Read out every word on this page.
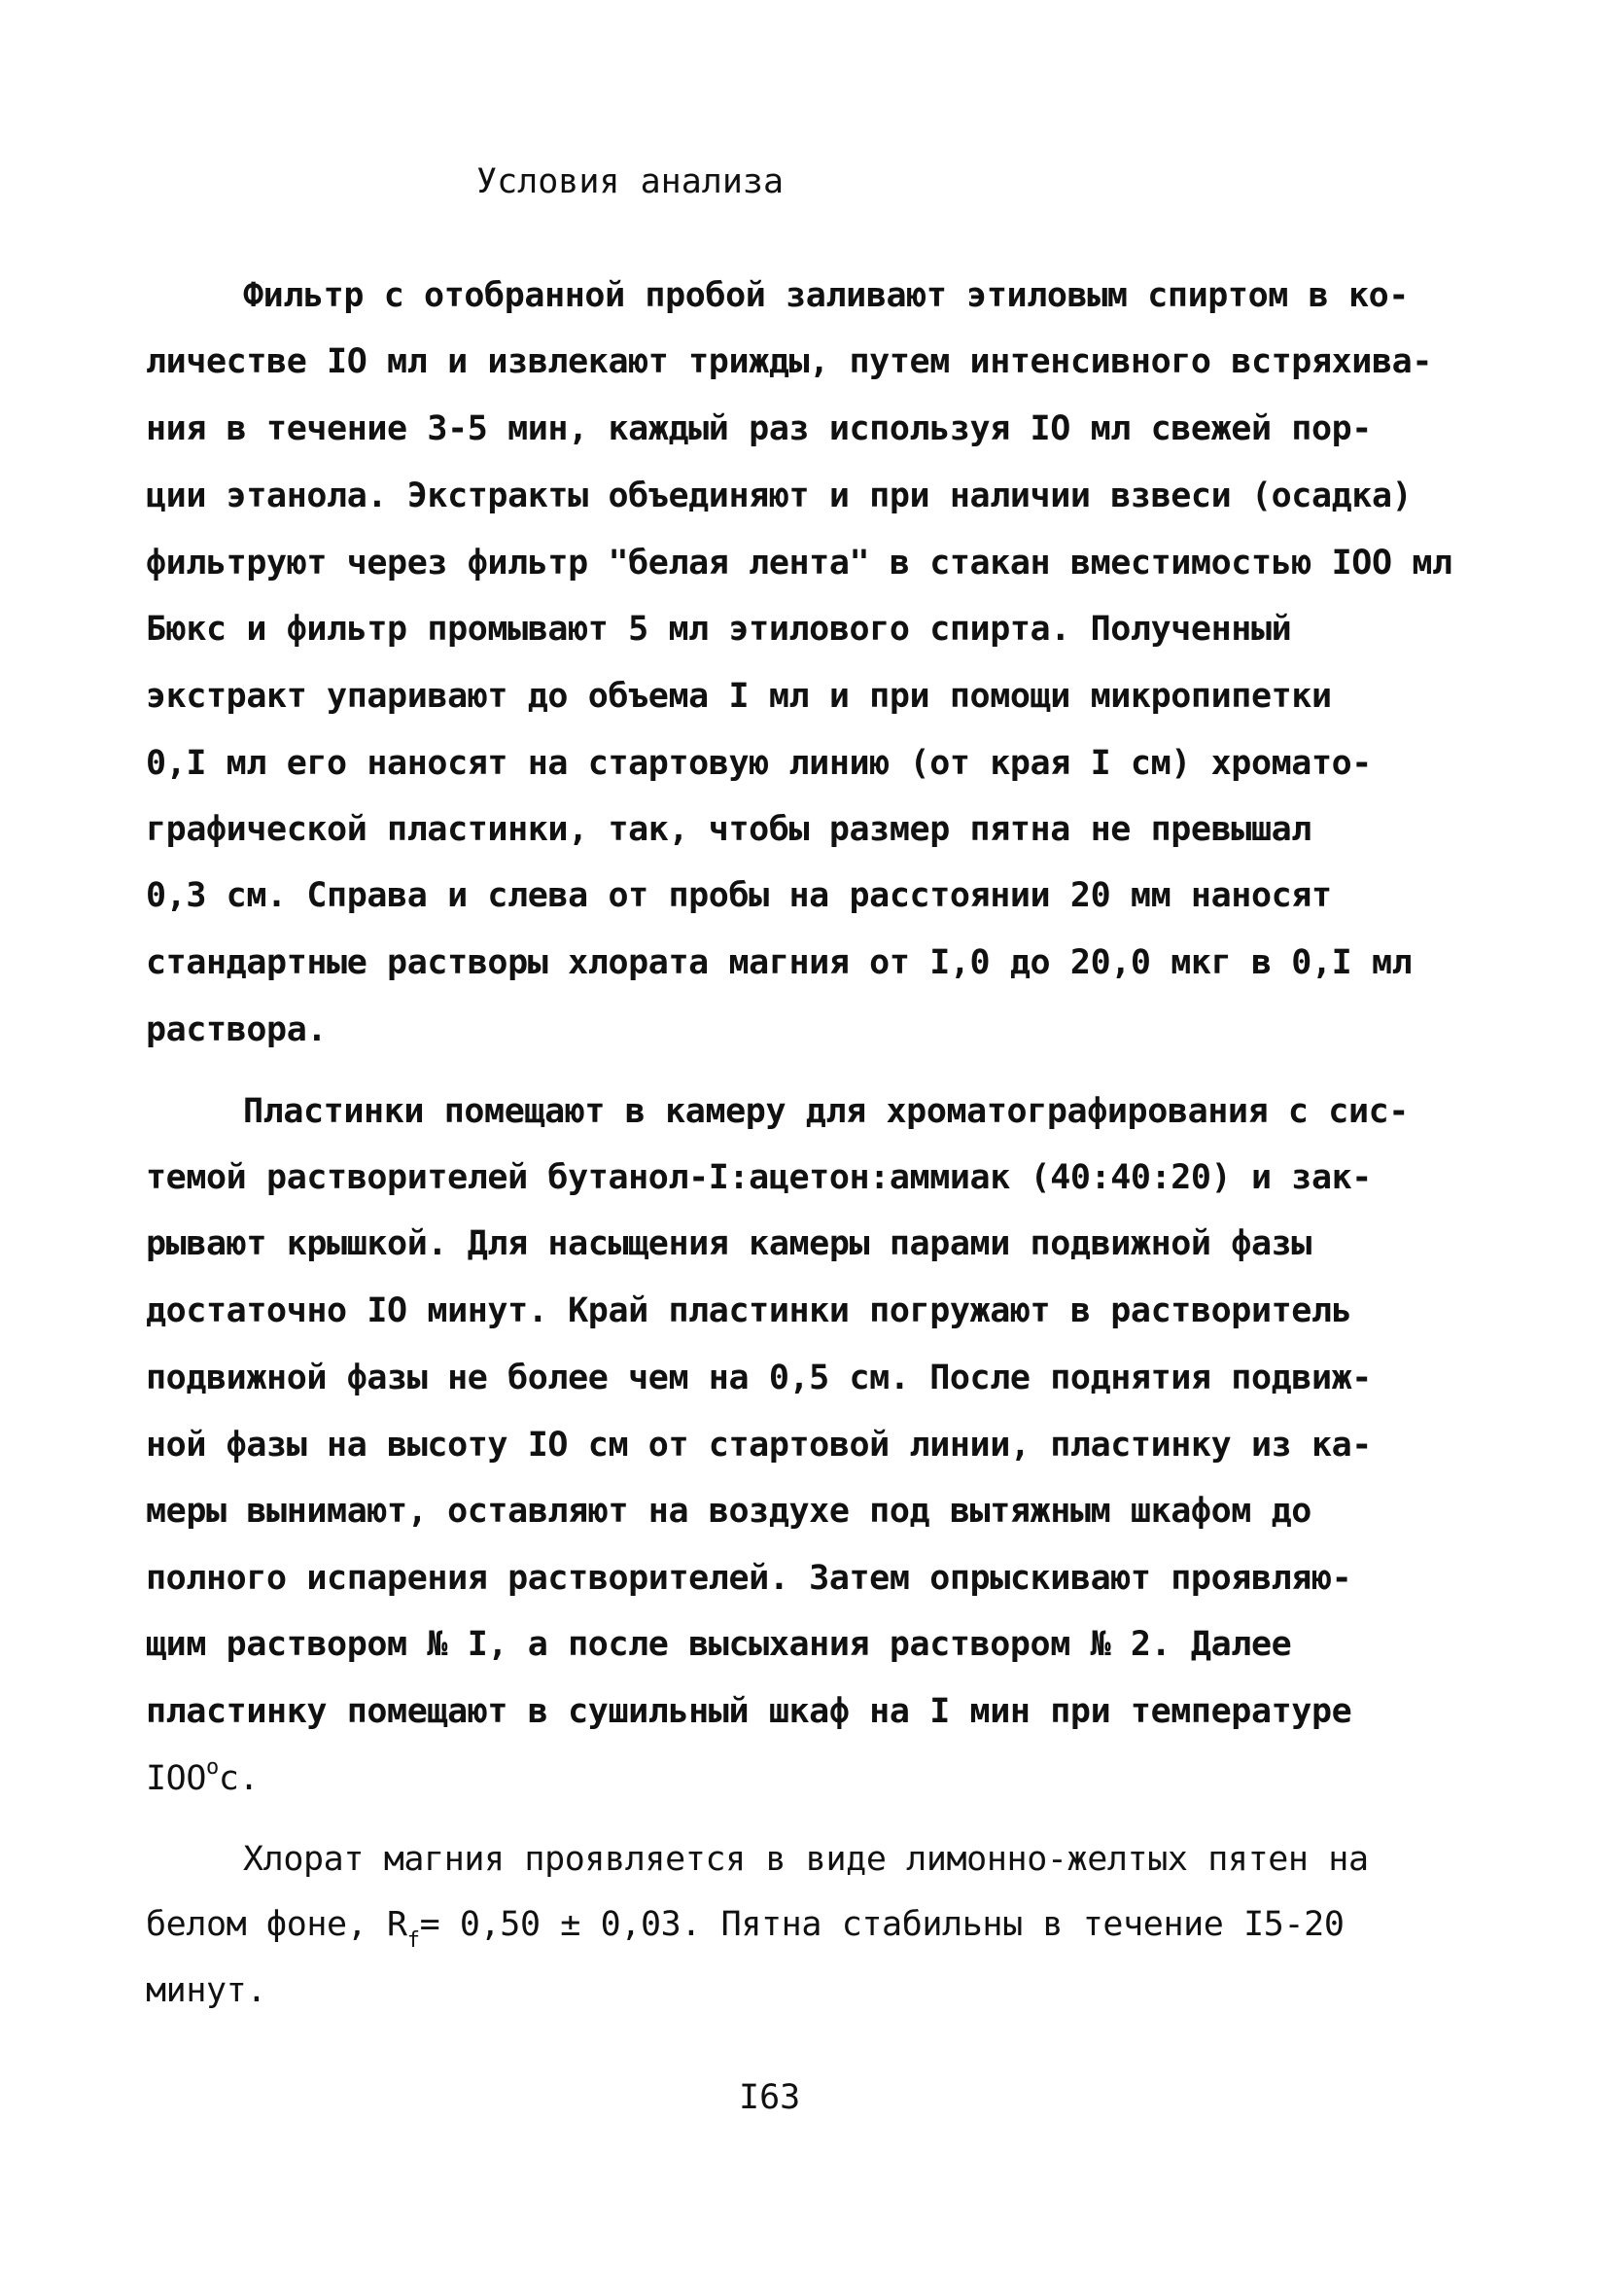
Условия анализа
Фильтр с отобранной пробой заливают этиловым спиртом в ко-
личестве IO мл и извлекают трижды, путем интенсивного встряхива-
ния в течение 3-5 мин, каждый раз используя IO мл свежей пор-
ции этанола. Экстракты объединяют и при наличии взвеси (осадка)
фильтруют через фильтр "белая лента" в стакан вместимостью IOO мл
Бюкс и фильтр промывают 5 мл этилового спирта. Полученный
экстракт упаривают до объема I мл и при помощи микропипетки
0,I мл его наносят на стартовую линию (от края I см) хромато-
графической пластинки, так, чтобы размер пятна не превышал
0,3 см. Справа и слева от пробы на расстоянии 20 мм наносят
стандартные растворы хлората магния от I,0 до 20,0 мкг в 0,I мл
раствора.
Пластинки помещают в камеру для хроматографирования с сис-
темой растворителей бутанол-I:ацетон:аммиак (40:40:20) и зак-
рывают крышкой. Для насыщения камеры парами подвижной фазы
достаточно IO минут. Край пластинки погружают в растворитель
подвижной фазы не более чем на 0,5 см. После поднятия подвиж-
ной фазы на высоту IO см от стартовой линии, пластинку из ка-
меры вынимают, оставляют на воздухе под вытяжным шкафом до
полного испарения растворителей. Затем опрыскивают проявляю-
щим раствором № I, а после высыхания раствором № 2. Далее
пластинку помещают в сушильный шкаф на I мин при температуре
IOO$^o$c.
Хлорат магния проявляется в виде лимонно-желтых пятен на
белом фоне, $R_f= 0,50 \pm 0,03$. Пятна стабильны в течение I5-20
минут.
I63
